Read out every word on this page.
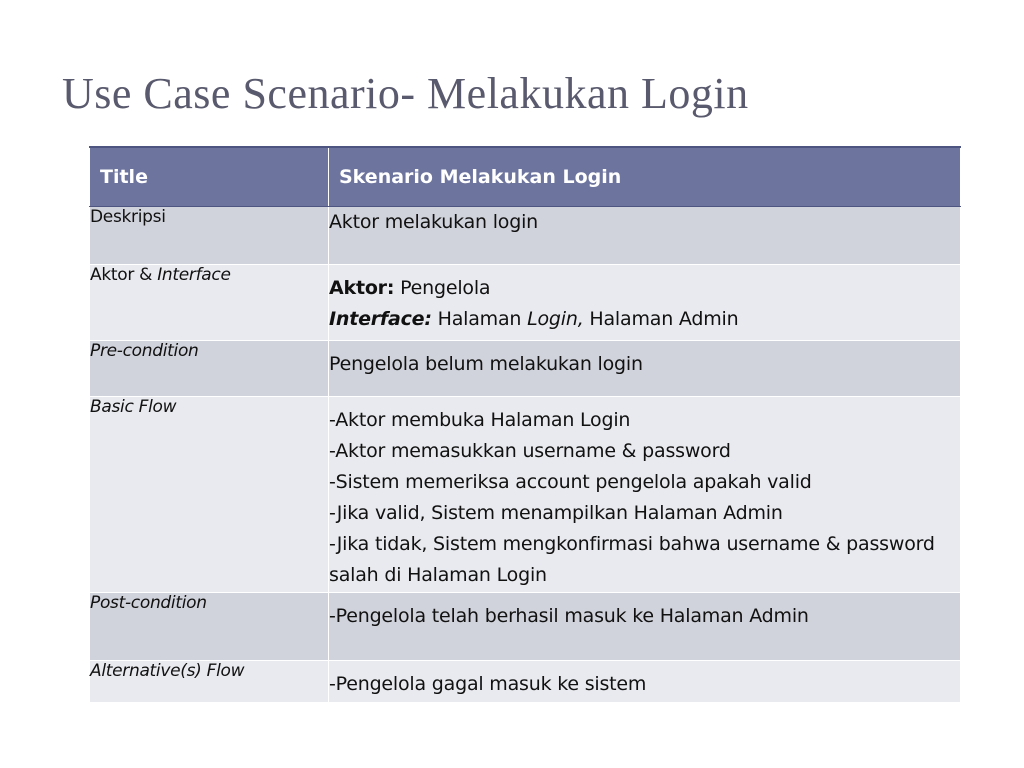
Use Case Scenario- Melakukan Login
Title	Skenario Melakukan Login
Deskripsi	Aktor melakukan login
Aktor & Interface	Aktor: Pengelola
Interface: Halaman Login, Halaman Admin

Pre-condition	Pengelola belum melakukan login
Basic Flow	-Aktor membuka Halaman Login
-Aktor memasukkan username & password
-Sistem memeriksa account pengelola apakah valid
-Jika valid, Sistem menampilkan Halaman Admin
-Jika tidak, Sistem mengkonfirmasi bahwa username & password salah di Halaman Login

Post-condition	-Pengelola telah berhasil masuk ke Halaman Admin
Alternative(s) Flow	-Pengelola gagal masuk ke sistem
